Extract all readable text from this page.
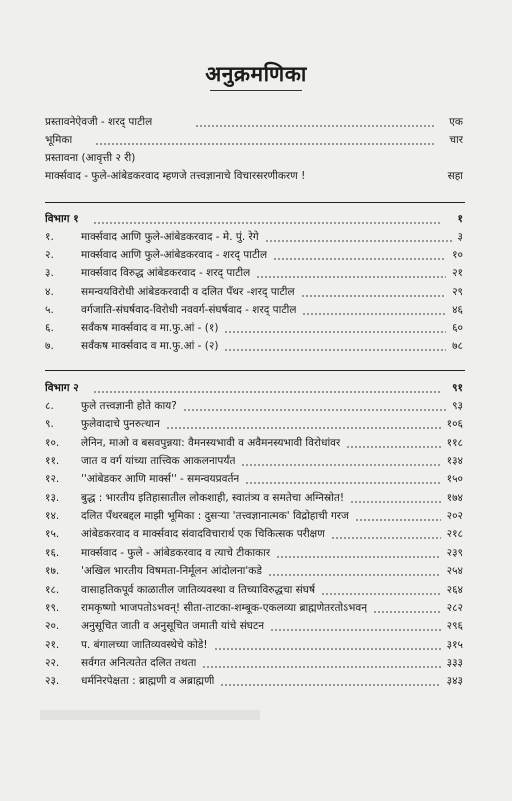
अनुक्रमणिका
प्रस्तावनेऐवजी - शरद् पाटील	एक
भूमिका	चार
प्रस्तावना (आवृत्ती २ री)
मार्क्सवाद - फुले-आंबेडकरवाद म्हणजे तत्त्वज्ञानाचे विचारसरणीकरण !	सहा
विभाग १	१
१.	मार्क्सवाद आणि फुले-आंबेडकरवाद - मे. पुं. रेगे	३
२.	मार्क्सवाद आणि फुले-आंबेडकरवाद - शरद् पाटील	१०
३.	मार्क्सवाद विरुद्ध आंबेडकरवाद - शरद् पाटील	२१
४.	समन्वयविरोधी आंबेडकरवादी व दलित पँथर -शरद् पाटील	२९
५.	वर्गजाति-संघर्षवाद-विरोधी नववर्ग-संघर्षवाद - शरद् पाटील	४६
६.	सर्वंकष मार्क्सवाद व मा.फु.आं - (१)	६०
७.	सर्वंकष मार्क्सवाद व मा.फु.आं - (२)	७८
विभाग २	९१
८.	फुले तत्त्वज्ञानी होते काय?	९३
९.	फुलेवादाचे पुनरुत्थान	१०६
१०. लेनिन, माओ व बसवपुन्नया: वैमनस्यभावी व अवैमनस्यभावी विरोधांवर	११८
११. जात व वर्ग यांच्या तात्त्विक आकलनापर्यंत	१३४
१२. ''आंबेडकर आणि मार्क्स'' - समन्वयप्रवर्तन	१५०
१३. बुद्ध : भारतीय इतिहासातील लोकशाही, स्वातंत्र्य व समतेचा अग्निस्रोत!	१७४
१४. दलित पँथरबद्दल माझी भूमिका : दुसऱ्या 'तत्त्वज्ञानात्मक' विद्रोहाची गरज	२०२
१५. आंबेडकरवाद व मार्क्सवाद संवादविचारार्थ एक चिकित्सक परीक्षण	२१८
१६. मार्क्सवाद - फुले - आंबेडकरवाद व त्याचे टीकाकार	२३९
१७. 'अखिल भारतीय विषमता-निर्मूलन आंदोलना'कडे	२५४
१८. वासाहतिकपूर्व काळातील जातिव्यवस्था व तिच्याविरुद्धचा संघर्ष	२६४
१९. रामकृष्णो भाजपतोऽभवन्! सीता-ताटका-शम्बूक-एकलव्या ब्राह्मणेतरतोऽभवन्	२८२
२०. अनुसूचित जाती व अनुसूचित जमाती यांचे संघटन	२९६
२१. प. बंगालच्या जातिव्यवस्थेचे कोडे!	३१५
२२. सर्वगत अनित्यतेत दलित तथता	३३३
२३. धर्मनिरपेक्षता : ब्राह्मणी व अब्राह्मणी	३४३
